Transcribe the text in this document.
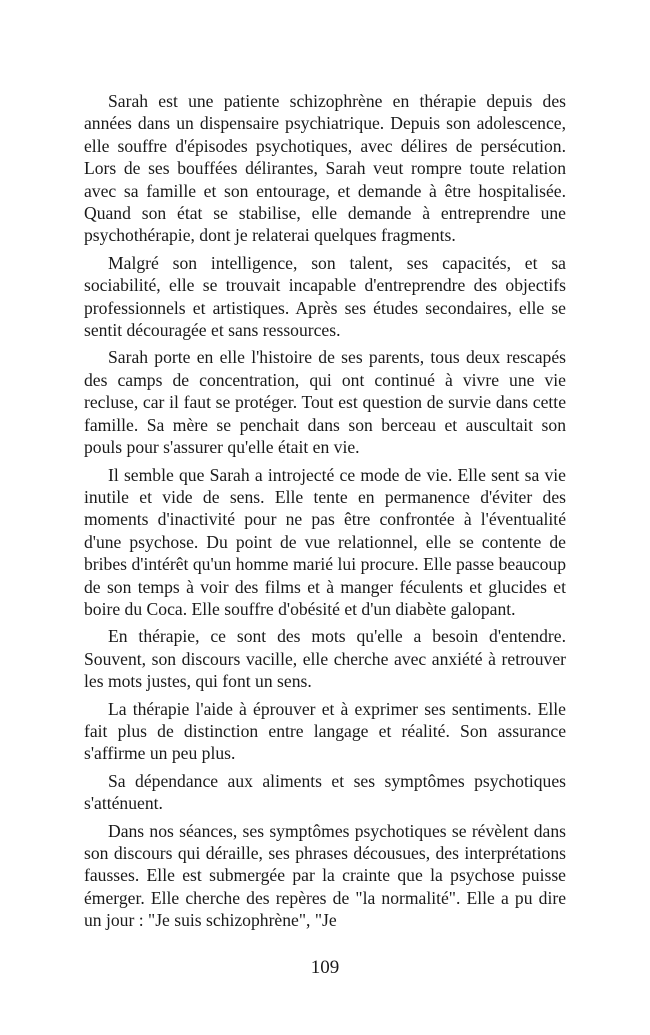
Sarah est une patiente schizophrène en thérapie depuis des années dans un dispensaire psychiatrique. Depuis son adolescence, elle souffre d'épisodes psychotiques, avec délires de persécution. Lors de ses bouffées délirantes, Sarah veut rompre toute relation avec sa famille et son entourage, et demande à être hospitalisée. Quand son état se stabilise, elle demande à entreprendre une psychothérapie, dont je relaterai quelques fragments.

Malgré son intelligence, son talent, ses capacités, et sa sociabilité, elle se trouvait incapable d'entreprendre des objectifs professionnels et artistiques. Après ses études secondaires, elle se sentit découragée et sans ressources.

Sarah porte en elle l'histoire de ses parents, tous deux rescapés des camps de concentration, qui ont continué à vivre une vie recluse, car il faut se protéger. Tout est question de survie dans cette famille. Sa mère se penchait dans son berceau et auscultait son pouls pour s'assurer qu'elle était en vie.

Il semble que Sarah a introjecté ce mode de vie. Elle sent sa vie inutile et vide de sens. Elle tente en permanence d'éviter des moments d'inactivité pour ne pas être confrontée à l'éventualité d'une psychose. Du point de vue relationnel, elle se contente de bribes d'intérêt qu'un homme marié lui procure. Elle passe beaucoup de son temps à voir des films et à manger féculents et glucides et boire du Coca. Elle souffre d'obésité et d'un diabète galopant.

En thérapie, ce sont des mots qu'elle a besoin d'entendre. Souvent, son discours vacille, elle cherche avec anxiété à retrouver les mots justes, qui font un sens.

La thérapie l'aide à éprouver et à exprimer ses sentiments. Elle fait plus de distinction entre langage et réalité. Son assurance s'affirme un peu plus.

Sa dépendance aux aliments et ses symptômes psychotiques s'atténuent.

Dans nos séances, ses symptômes psychotiques se révèlent dans son discours qui déraille, ses phrases décousues, des interprétations fausses. Elle est submergée par la crainte que la psychose puisse émerger. Elle cherche des repères de "la normalité". Elle a pu dire un jour : "Je suis schizophrène", "Je

109
